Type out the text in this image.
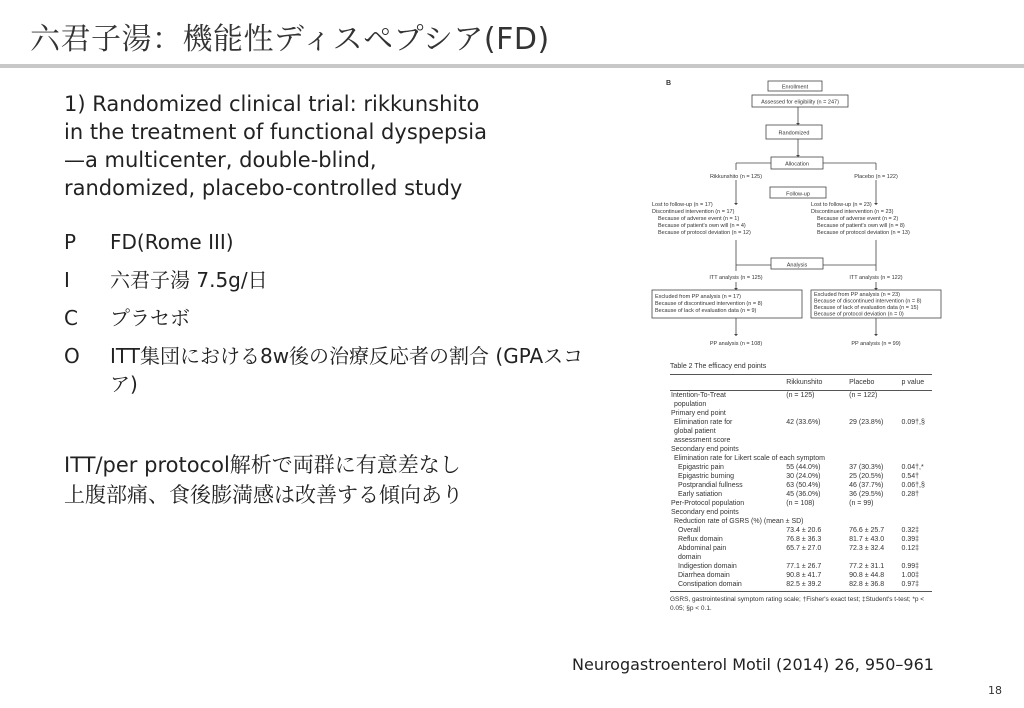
六君子湯：機能性ディスペプシア(FD)
1) Randomized clinical trial: rikkunshito
in the treatment of functional dyspepsia
—a multicenter, double-blind,
randomized, placebo-controlled study
P	FD(Rome III)
I	六君子湯 7.5g/日
C	プラセボ
O	ITT集団における8w後の治療反応者の割合 (GPAスコア)
ITT/per protocol解析で両群に有意差なし
上腹部痛、食後膨満感は改善する傾向あり
B
Enrollment
Assessed for eligibility (n = 247)
Randomized
Allocation
Rikkunshito (n = 125)	Placebo (n = 122)
Follow-up
Lost to follow-up (n = 17)
Discontinued intervention (n = 17)
Because of adverse event (n = 1)
Because of patient's own will (n = 4)
Because of protocol deviation (n = 12)
Lost to follow-up (n = 23)
Discontinued intervention (n = 23)
Because of adverse event (n = 2)
Because of patient's own will (n = 8)
Because of protocol deviation (n = 13)
Analysis
ITT analysis (n = 125)	ITT analysis (n = 122)
Excluded from PP analysis (n = 17)
Because of discontinued intervention (n = 8)
Because of lack of evaluation data (n = 9)
Excluded from PP analysis (n = 23)
Because of discontinued intervention (n = 8)
Because of lack of evaluation data (n = 15)
Because of protocol deviation (n = 0)
PP analysis (n = 108)	PP analysis (n = 99)
Table 2 The efficacy end points
	Rikkunshito	Placebo	p value
Intention-To-Treat	(n = 125)	(n = 122)	
population			
Primary end point			
Elimination rate for	42 (33.6%)	29 (23.8%)	0.09†,§
global patient			
assessment score			
Secondary end points			
Elimination rate for Likert scale of each symptom			
Epigastric pain	55 (44.0%)	37 (30.3%)	0.04†,*
Epigastric burning	30 (24.0%)	25 (20.5%)	0.54†
Postprandial fullness	63 (50.4%)	46 (37.7%)	0.06†,§
Early satiation	45 (36.0%)	36 (29.5%)	0.28†
Per-Protocol population	(n = 108)	(n = 99)	
Secondary end points			
Reduction rate of GSRS (%) (mean ± SD)			
Overall	73.4 ± 20.6	76.6 ± 25.7	0.32‡
Reflux domain	76.8 ± 36.3	81.7 ± 43.0	0.39‡
Abdominal pain	65.7 ± 27.0	72.3 ± 32.4	0.12‡
domain			
Indigestion domain	77.1 ± 26.7	77.2 ± 31.1	0.99‡
Diarrhea domain	90.8 ± 41.7	90.8 ± 44.8	1.00‡
Constipation domain	82.5 ± 39.2	82.8 ± 36.8	0.97‡
GSRS, gastrointestinal symptom rating scale; †Fisher's exact test; ‡Student's t-test; *p < 0.05; §p < 0.1.
Neurogastroenterol Motil (2014) 26, 950–961
18
